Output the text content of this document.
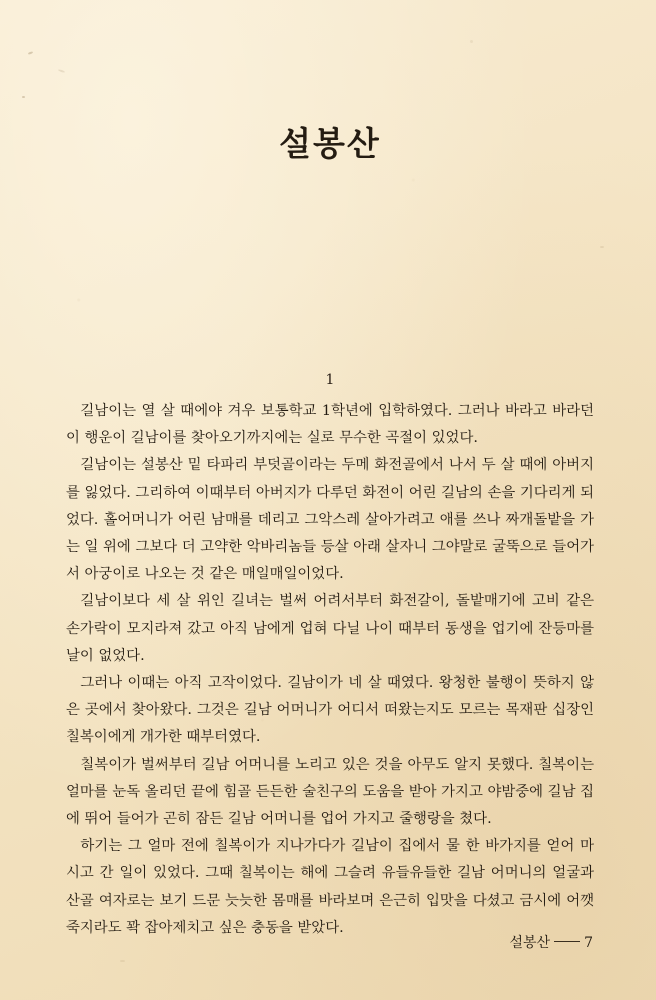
설봉산
1

길남이는 열 살 때에야 겨우 보통학교 1학년에 입학하였다. 그러나 바라고 바라던 이 행운이 길남이를 찾아오기까지에는 실로 무수한 곡절이 있었다.

길남이는 설봉산 밑 타파리 부덧골이라는 두메 화전골에서 나서 두 살 때에 아버지를 잃었다. 그리하여 이때부터 아버지가 다루던 화전이 어린 길남의 손을 기다리게 되었다. 홀어머니가 어린 남매를 데리고 그악스레 살아가려고 애를 쓰나 짜개돌밭을 가는 일 위에 그보다 더 고약한 악바리놈들 등살 아래 살자니 그야말로 굴뚝으로 들어가서 아궁이로 나오는 것 같은 매일매일이었다.

길남이보다 세 살 위인 길녀는 벌써 어려서부터 화전갈이, 돌밭매기에 고비 같은 손가락이 모지라져 갔고 아직 남에게 업혀 다닐 나이 때부터 동생을 업기에 잔등마를 날이 없었다.

그러나 이때는 아직 고작이었다. 길남이가 네 살 때였다. 왕청한 불행이 뜻하지 않은 곳에서 찾아왔다. 그것은 길남 어머니가 어디서 떠왔는지도 모르는 목재판 십장인 칠복이에게 개가한 때부터였다.

칠복이가 벌써부터 길남 어머니를 노리고 있은 것을 아무도 알지 못했다. 칠복이는 얼마를 눈독 올리던 끝에 힘골 든든한 술친구의 도움을 받아 가지고 야밤중에 길남 집에 뛰어 들어가 곤히 잠든 길남 어머니를 업어 가지고 줄행랑을 쳤다.

하기는 그 얼마 전에 칠복이가 지나가다가 길남이 집에서 물 한 바가지를 얻어 마시고 간 일이 있었다. 그때 칠복이는 해에 그슬려 유들유들한 길남 어머니의 얼굴과 산골 여자로는 보기 드문 늣늣한 몸매를 바라보며 은근히 입맛을 다셨고 금시에 어깻죽지라도 꽉 잡아제치고 싶은 충동을 받았다.

설봉산 7
